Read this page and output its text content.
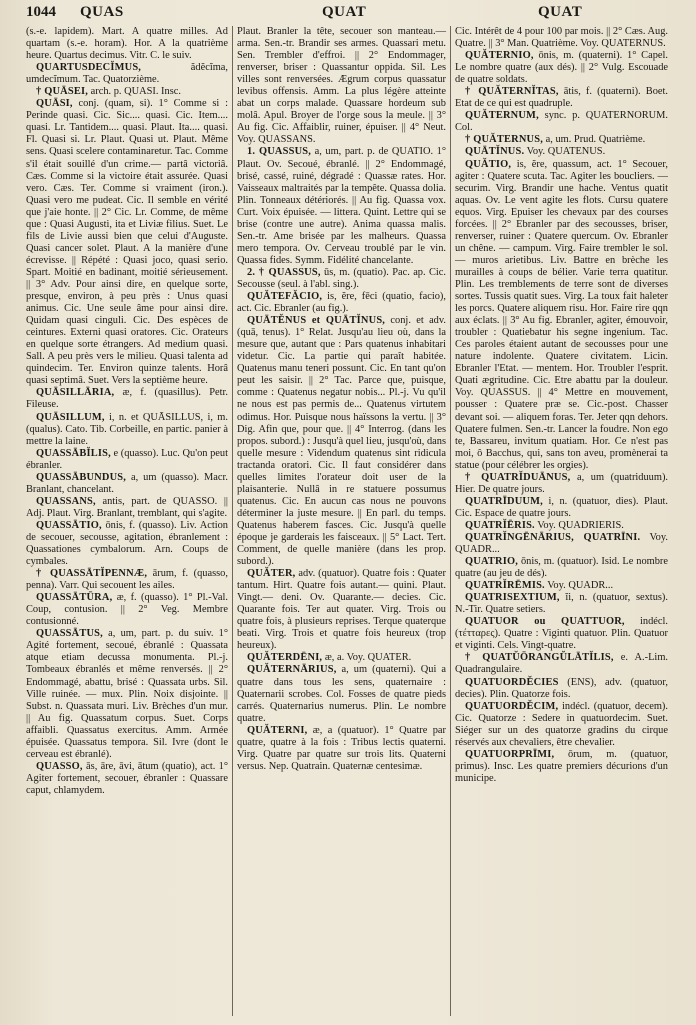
1044 QUAS	QUAT	QUAT

(s.-e. lapidem). Mart. A quatre milles. Ad quartam (s.-e. horam). Hor. A la quatrième heure. Quartus decimus. Vitr. C. le suiv.

QUARTUSDECĬMUS, ădĕcĭma, umdecĭmum. Tac. Quatorzième.

† QUĀSEI, arch. p. QUASI. Insc.

QUĀSI, conj. (quam, si). 1° Comme si : Perinde quasi. Cic. Sic.... quasi. Cic. Item.... quasi. Lr. Tantidem.... quasi. Plaut. Ita.... quasi. Fl. Quasi si. Lr. Plaut. Quasi ut. Plaut. Même sens. Quasi scelere contaminaretur. Tac. Comme s'il était souillé d'un crime.— partâ victoriâ. Cæs. Comme si la victoire était assurée. Quasi vero. Cæs. Ter. Comme si vraiment (iron.). Quasi vero me pudeat. Cic. Il semble en vérité que j'aie honte. || 2° Cic. Lr. Comme, de même que : Quasi Augusti, ita et Liviæ filius. Suet. Le fils de Livie aussi bien que celui d'Auguste. Quasi cancer solet. Plaut. A la manière d'une écrevisse. || Répété : Quasi joco, quasi serio. Spart. Moitié en badinant, moitié sérieusement. || 3° Adv. Pour ainsi dire, en quelque sorte, presque, environ, à peu près : Unus quasi animus. Cic. Une seule âme pour ainsi dire. Quidam quasi cinguli. Cic. Des espèces de ceintures. Externi quasi oratores. Cic. Orateurs en quelque sorte étrangers. Ad medium quasi. Sall. A peu près vers le milieu. Quasi talenta ad quindecim. Ter. Environ quinze talents. Horâ quasi septimâ. Suet. Vers la septième heure.

QUĀSILLĀRIA, æ, f. (quasillus). Petr. Fileuse.

QUĀSILLUM, i, n. et QUĀSILLUS, i, m. (qualus). Cato. Tib. Corbeille, en partic. panier à mettre la laine.

QUASSĀBĬLIS, e (quasso). Luc. Qu'on peut ébranler.

QUASSĀBUNDUS, a, um (quasso). Macr. Branlant, chancelant.

QUASSANS, antis, part. de QUASSO. || Adj. Plaut. Virg. Branlant, tremblant, qui s'agite.

QUASSĀTIO, ōnis, f. (quasso). Liv. Action de secouer, secousse, agitation, ébranlement : Quassationes cymbalorum. Arn. Coups de cymbales.

† QUASSĀTĬPENNÆ, ārum, f. (quasso, penna). Varr. Qui secouent les ailes.

QUASSĀTŪRA, æ, f. (quasso). 1° Pl.-Val. Coup, contusion. || 2° Veg. Membre contusionné.

QUASSĀTUS, a, um, part. p. du suiv. 1° Agité fortement, secoué, ébranlé : Quassata atque etiam decussa monumenta. Pl.-j. Tombeaux ébranlés et même renversés. || 2° Endommagé, abattu, brisé : Quassata urbs. Sil. Ville ruinée. — mux. Plin. Noix disjointe. || Subst. n. Quassata muri. Liv. Brèches d'un mur. || Au fig. Quassatum corpus. Suet. Corps affaibli. Quassatus exercitus. Amm. Armée épuisée. Quassatus tempora. Sil. Ivre (dont le cerveau est ébranlé).

QUASSO, ās, āre, āvi, ātum (quatio), act. 1° Agiter fortement, secouer, ébranler : Quassare caput, chlamydem.

Plaut. Branler la tête, secouer son manteau.— arma. Sen.-tr. Brandir ses armes. Quassari metu. Sen. Trembler d'effroi. || 2° Endommager, renverser, briser : Quassantur oppida. Sil. Les villes sont renversées. Ægrum corpus quassatur levibus offensis. Amm. La plus légère atteinte abat un corps malade. Quassare hordeum sub molâ. Apul. Broyer de l'orge sous la meule. || 3° Au fig. Cic. Affaiblir, ruiner, épuiser. || 4° Neut. Voy. QUASSANS.

1. QUASSUS, a, um, part. p. de QUATIO. 1° Plaut. Ov. Secoué, ébranlé. || 2° Endommagé, brisé, cassé, ruiné, dégradé : Quassæ rates. Hor. Vaisseaux maltraités par la tempête. Quassa dolia. Plin. Tonneaux détériorés. || Au fig. Quassa vox. Curt. Voix épuisée. — littera. Quint. Lettre qui se brise (contre une autre). Anima quassa malis. Sen.-tr. Ame brisée par les malheurs. Quassa mero tempora. Ov. Cerveau troublé par le vin. Quassa fides. Symm. Fidélité chancelante.

2. † QUASSUS, ūs, m. (quatio). Pac. ap. Cic. Secousse (seul. à l'abl. sing.).

QUĂTEFĂCIO, is, ĕre, fēci (quatio, facio), act. Cic. Ebranler (au fig.).

QUĀTĔNUS et QUĀTĬNUS, conj. et adv. (quā, tenus). 1° Relat. Jusqu'au lieu où, dans la mesure que, autant que : Pars quatenus inhabitari videtur. Cic. La partie qui paraît habitée. Quatenus manu teneri possunt. Cic. En tant qu'on peut les saisir. || 2° Tac. Parce que, puisque, comme : Quatenus negatur nobis... Pl.-j. Vu qu'il ne nous est pas permis de... Quatenus virtutem odimus. Hor. Puisque nous haïssons la vertu. || 3° Dig. Afin que, pour que. || 4° Interrog. (dans les propos. subord.) : Jusqu'à quel lieu, jusqu'où, dans quelle mesure : Videndum quatenus sint ridicula tractanda oratori. Cic. Il faut considérer dans quelles limites l'orateur doit user de la plaisanterie. Nullâ in re statuere possumus quatenus. Cic. En aucun cas nous ne pouvons déterminer la juste mesure. || En parl. du temps. Quatenus haberem fasces. Cic. Jusqu'à quelle époque je garderais les faisceaux. || 5° Lact. Tert. Comment, de quelle manière (dans les prop. subord.).

QUĂTER, adv. (quatuor). Quatre fois : Quater tantum. Hirt. Quatre fois autant.— quini. Plaut. Vingt.— deni. Ov. Quarante.— decies. Cic. Quarante fois. Ter aut quater. Virg. Trois ou quatre fois, à plusieurs reprises. Terque quaterque beati. Virg. Trois et quatre fois heureux (trop heureux).

QUĂTERDĒNI, æ, a. Voy. QUATER.

QUĂTERNĀRIUS, a, um (quaterni). Qui a quatre dans tous les sens, quaternaire : Quaternarii scrobes. Col. Fosses de quatre pieds carrés. Quaternarius numerus. Plin. Le nombre quatre.

QUĂTERNI, æ, a (quatuor). 1° Quatre par quatre, quatre à la fois : Tribus lectis quaterni. Virg. Quatre par quatre sur trois lits. Quaterni versus. Nep. Quatrain. Quaternæ centesimæ.

Cic. Intérêt de 4 pour 100 par mois. || 2° Cæs. Aug. Quatre. || 3° Man. Quatrième. Voy. QUATERNUS.

QUĂTERNIO, ōnis, m. (quaterni). 1° Capel. Le nombre quatre (aux dés). || 2° Vulg. Escouade de quatre soldats.

† QUĂTERNĬTAS, ātis, f. (quaterni). Boet. Etat de ce qui est quadruple.

QUĂTERNUM, sync. p. QUATERNORUM. Col.

† QUĂTERNUS, a, um. Prud. Quatrième.

QUĀTĬNUS. Voy. QUATENUS.

QUĂTIO, is, ĕre, quassum, act. 1° Secouer, agiter : Quatere scuta. Tac. Agiter les boucliers. — securim. Virg. Brandir une hache. Ventus quatit aquas. Ov. Le vent agite les flots. Cursu quatere equos. Virg. Epuiser les chevaux par des courses forcées. || 2° Ebranler par des secousses, briser, renverser, ruiner : Quatere quercum. Ov. Ebranler un chêne. — campum. Virg. Faire trembler le sol. — muros arietibus. Liv. Battre en brèche les murailles à coups de bélier. Varie terra quatitur. Plin. Les tremblements de terre sont de diverses sortes. Tussis quatit sues. Virg. La toux fait haleter les porcs. Quatere aliquem risu. Hor. Faire rire qqn aux éclats. || 3° Au fig. Ebranler, agiter, émouvoir, troubler : Quatiebatur his segne ingenium. Tac. Ces paroles étaient autant de secousses pour une nature indolente. Quatere civitatem. Licin. Ebranler l'Etat. — mentem. Hor. Troubler l'esprit. Quati ægritudine. Cic. Etre abattu par la douleur. Voy. QUASSUS. || 4° Mettre en mouvement, pousser : Quatere præ se. Cic.-post. Chasser devant soi. — aliquem foras. Ter. Jeter qqn dehors. Quatere fulmen. Sen.-tr. Lancer la foudre. Non ego te, Bassareu, invitum quatiam. Hor. Ce n'est pas moi, ô Bacchus, qui, sans ton aveu, promènerai ta statue (pour célébrer les orgies).

† QUATRĬDUĀNUS, a, um (quatriduum). Hier. De quatre jours.

QUATRĪDUUM, i, n. (quatuor, dies). Plaut. Cic. Espace de quatre jours.

QUATRĬĒRIS. Voy. QUADRIERIS.

QUATRĬNGĒNĀRIUS, QUATRĪNI. Voy. QUADR...

QUATRIO, ōnis, m. (quatuor). Isid. Le nombre quatre (au jeu de dés).

QUATRĬRĒMIS. Voy. QUADR...

QUATRISEXTIUM, ĭi, n. (quatuor, sextus). N.-Tir. Quatre setiers.

QUATUOR ou QUATTUOR, indécl. (τέτταρες). Quatre : Viginti quatuor. Plin. Quatuor et viginti. Cels. Vingt-quatre.

† QUATŬŌRANGŬLĀTĬLIS, e. A.-Lim. Quadrangulaire.

QUATUORDĔCIES (ENS), adv. (quatuor, decies). Plin. Quatorze fois.

QUATUORDĔCIM, indécl. (quatuor, decem). Cic. Quatorze : Sedere in quatuordecim. Suet. Siéger sur un des quatorze gradins du cirque réservés aux chevaliers, être chevalier.

QUATUORPRĪMI, ōrum, m. (quatuor, primus). Insc. Les quatre premiers décurions d'un municipe.
